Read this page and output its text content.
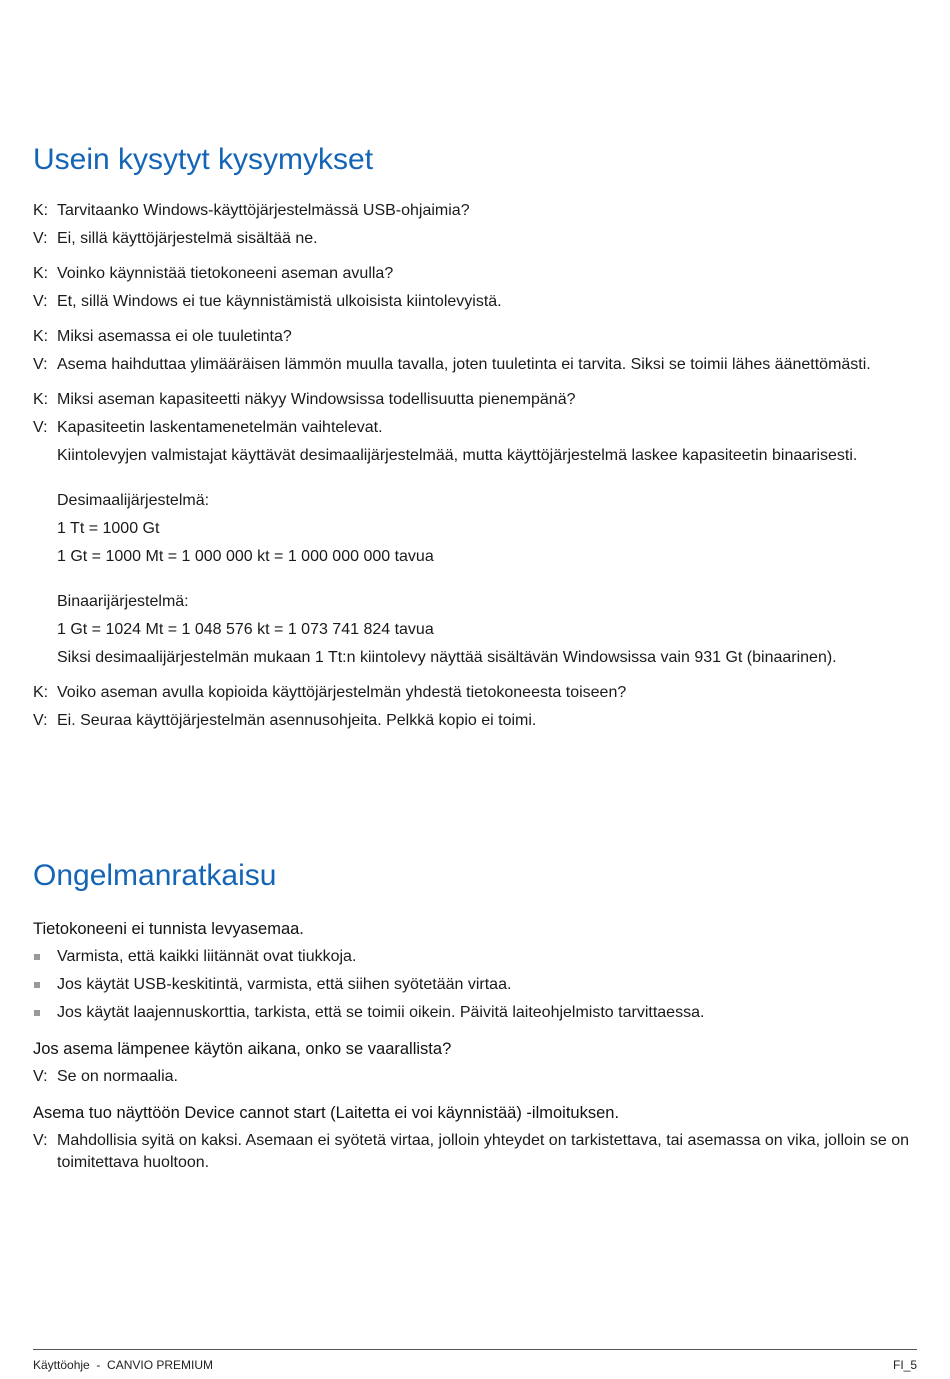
Usein kysytyt kysymykset
K: Tarvitaanko Windows-käyttöjärjestelmässä USB-ohjaimia?
V: Ei, sillä käyttöjärjestelmä sisältää ne.
K: Voinko käynnistää tietokoneeni aseman avulla?
V: Et, sillä Windows ei tue käynnistämistä ulkoisista kiintolevyistä.
K: Miksi asemassa ei ole tuuletinta?
V: Asema haihduttaa ylimääräisen lämmön muulla tavalla, joten tuuletinta ei tarvita. Siksi se toimii lähes äänettömästi.
K: Miksi aseman kapasiteetti näkyy Windowsissa todellisuutta pienempänä?
V: Kapasiteetin laskentamenetelmän vaihtelevat.
Kiintolevyjen valmistajat käyttävät desimaalijärjestelmää, mutta käyttöjärjestelmä laskee kapasiteetin binaarisesti.
Desimaalijärjestelmä:
1 Tt = 1000 Gt
1 Gt = 1000 Mt = 1 000 000 kt = 1 000 000 000 tavua
Binaarijärjestelmä:
1 Gt = 1024 Mt = 1 048 576 kt = 1 073 741 824 tavua
Siksi desimaalijärjestelmän mukaan 1 Tt:n kiintolevy näyttää sisältävän Windowsissa vain 931 Gt (binaarinen).
K: Voiko aseman avulla kopioida käyttöjärjestelmän yhdestä tietokoneesta toiseen?
V: Ei. Seuraa käyttöjärjestelmän asennusohjeita. Pelkkä kopio ei toimi.
Ongelmanratkaisu
Tietokoneeni ei tunnista levyasemaa.
Varmista, että kaikki liitännät ovat tiukkoja.
Jos käytät USB-keskitintä, varmista, että siihen syötetään virtaa.
Jos käytät laajennuskorttia, tarkista, että se toimii oikein. Päivitä laiteohjelmisto tarvittaessa.
Jos asema lämpenee käytön aikana, onko se vaarallista?
V: Se on normaalia.
Asema tuo näyttöön Device cannot start (Laitetta ei voi käynnistää) -ilmoituksen.
V: Mahdollisia syitä on kaksi. Asemaan ei syötetä virtaa, jolloin yhteydet on tarkistettava, tai asemassa on vika, jolloin se on toimitettava huoltoon.
Käyttöohje  -  CANVIO PREMIUM	FI_5
